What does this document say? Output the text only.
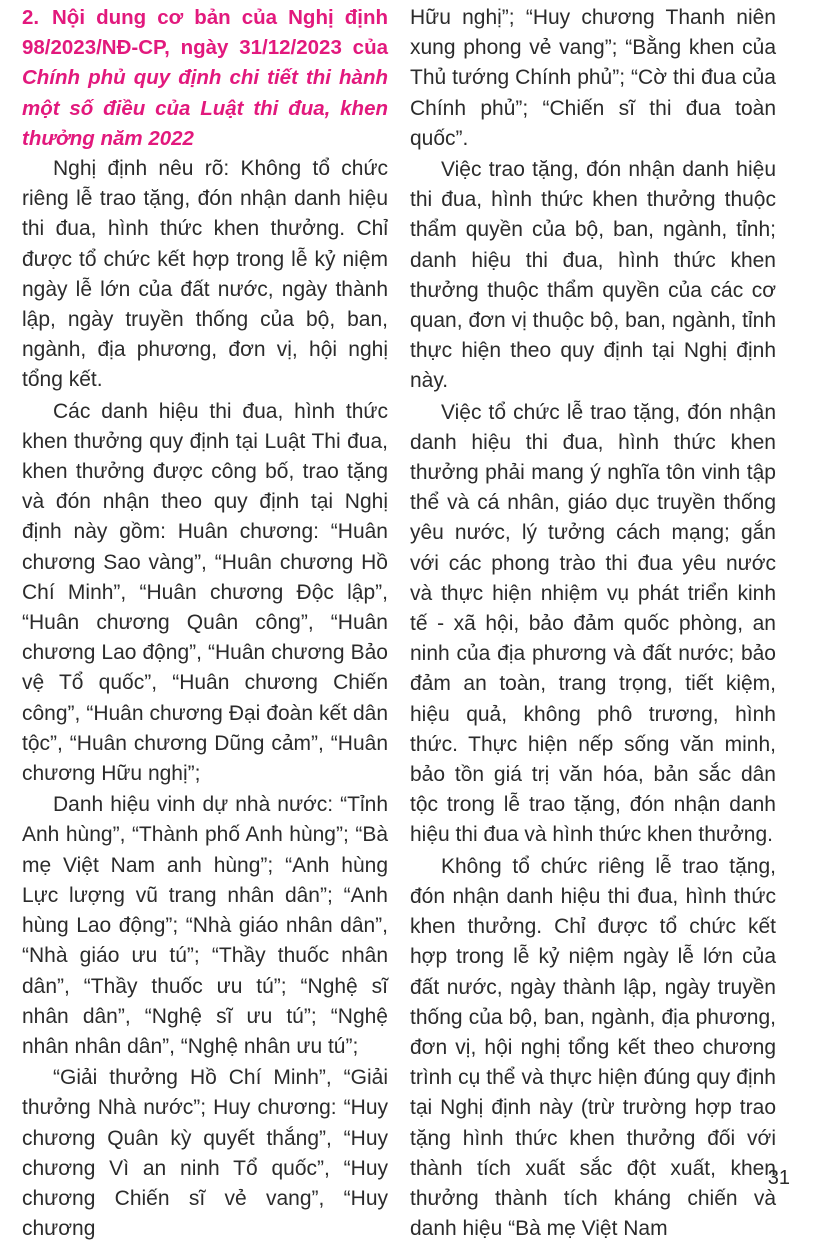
2. Nội dung cơ bản của Nghị định 98/2023/NĐ-CP, ngày 31/12/2023 của Chính phủ quy định chi tiết thi hành một số điều của Luật thi đua, khen thưởng năm 2022

Nghị định nêu rõ: Không tổ chức riêng lễ trao tặng, đón nhận danh hiệu thi đua, hình thức khen thưởng. Chỉ được tổ chức kết hợp trong lễ kỷ niệm ngày lễ lớn của đất nước, ngày thành lập, ngày truyền thống của bộ, ban, ngành, địa phương, đơn vị, hội nghị tổng kết.

Các danh hiệu thi đua, hình thức khen thưởng quy định tại Luật Thi đua, khen thưởng được công bố, trao tặng và đón nhận theo quy định tại Nghị định này gồm: Huân chương: “Huân chương Sao vàng”, “Huân chương Hồ Chí Minh”, “Huân chương Độc lập”, “Huân chương Quân công”, “Huân chương Lao động”, “Huân chương Bảo vệ Tổ quốc”, “Huân chương Chiến công”, “Huân chương Đại đoàn kết dân tộc”, “Huân chương Dũng cảm”, “Huân chương Hữu nghị”;

Danh hiệu vinh dự nhà nước: “Tỉnh Anh hùng”, “Thành phố Anh hùng”; “Bà mẹ Việt Nam anh hùng”; “Anh hùng Lực lượng vũ trang nhân dân”; “Anh hùng Lao động”; “Nhà giáo nhân dân”, “Nhà giáo ưu tú”; “Thầy thuốc nhân dân”, “Thầy thuốc ưu tú”; “Nghệ sĩ nhân dân”, “Nghệ sĩ ưu tú”; “Nghệ nhân nhân dân”, “Nghệ nhân ưu tú”;

“Giải thưởng Hồ Chí Minh”, “Giải thưởng Nhà nước”; Huy chương: “Huy chương Quân kỳ quyết thắng”, “Huy chương Vì an ninh Tổ quốc”, “Huy chương Chiến sĩ vẻ vang”, “Huy chương

Hữu nghị”; “Huy chương Thanh niên xung phong vẻ vang”; “Bằng khen của Thủ tướng Chính phủ”; “Cờ thi đua của Chính phủ”; “Chiến sĩ thi đua toàn quốc”.

Việc trao tặng, đón nhận danh hiệu thi đua, hình thức khen thưởng thuộc thẩm quyền của bộ, ban, ngành, tỉnh; danh hiệu thi đua, hình thức khen thưởng thuộc thẩm quyền của các cơ quan, đơn vị thuộc bộ, ban, ngành, tỉnh thực hiện theo quy định tại Nghị định này.

Việc tổ chức lễ trao tặng, đón nhận danh hiệu thi đua, hình thức khen thưởng phải mang ý nghĩa tôn vinh tập thể và cá nhân, giáo dục truyền thống yêu nước, lý tưởng cách mạng; gắn với các phong trào thi đua yêu nước và thực hiện nhiệm vụ phát triển kinh tế - xã hội, bảo đảm quốc phòng, an ninh của địa phương và đất nước; bảo đảm an toàn, trang trọng, tiết kiệm, hiệu quả, không phô trương, hình thức. Thực hiện nếp sống văn minh, bảo tồn giá trị văn hóa, bản sắc dân tộc trong lễ trao tặng, đón nhận danh hiệu thi đua và hình thức khen thưởng.

Không tổ chức riêng lễ trao tặng, đón nhận danh hiệu thi đua, hình thức khen thưởng. Chỉ được tổ chức kết hợp trong lễ kỷ niệm ngày lễ lớn của đất nước, ngày thành lập, ngày truyền thống của bộ, ban, ngành, địa phương, đơn vị, hội nghị tổng kết theo chương trình cụ thể và thực hiện đúng quy định tại Nghị định này (trừ trường hợp trao tặng hình thức khen thưởng đối với thành tích xuất sắc đột xuất, khen thưởng thành tích kháng chiến và danh hiệu “Bà mẹ Việt Nam

31
